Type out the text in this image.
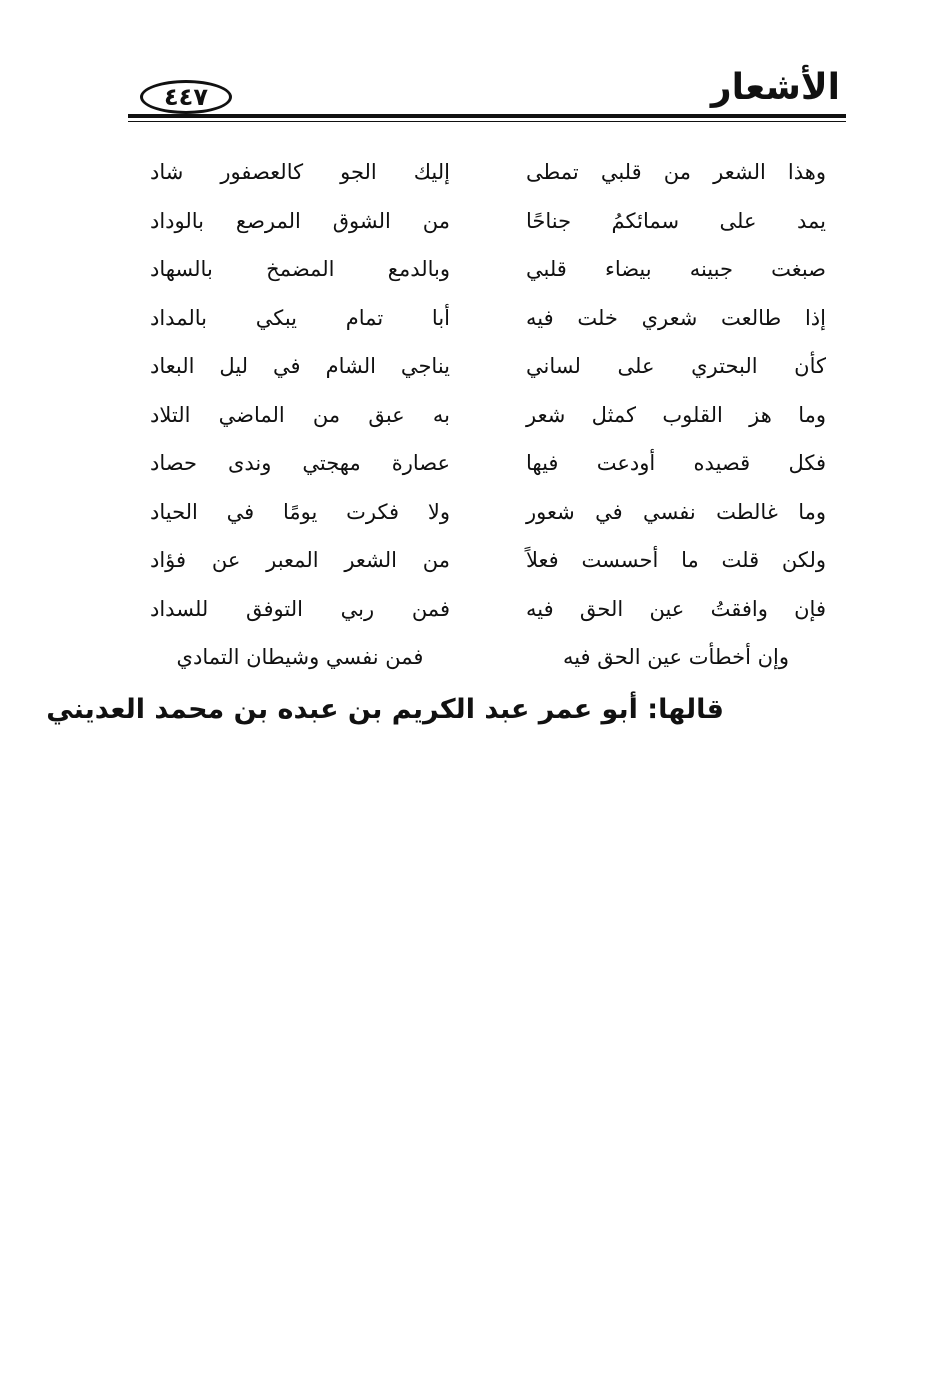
الأشعار
٤٤٧
وهذا الشعر من قلبي تمطى
إليك الجو كالعصفور شاد
يمد على سمائكمُ جناحًا
من الشوق المرصع بالوداد
صبغت جبينه بيضاء قلبي
وبالدمع المضمخ بالسهاد
إذا طالعت شعري خلت فيه
أبا تمام يبكي بالمداد
كأن البحتري على لساني
يناجي الشام في ليل البعاد
وما هز القلوب كمثل شعر
به عبق من الماضي التلاد
فكل قصيده أودعت فيها
عصارة مهجتي وندى حصاد
وما غالطت نفسي في شعور
ولا فكرت يومًا في الحياد
ولكن قلت ما أحسست فعلاً
من الشعر المعبر عن فؤاد
فإن وافقتُ عين الحق فيه
فمن ربي التوفق للسداد
وإن أخطأت عين الحق فيه
فمن نفسي وشيطان التمادي
قالها: أبو عمر عبد الكريم بن عبده بن محمد العديني
